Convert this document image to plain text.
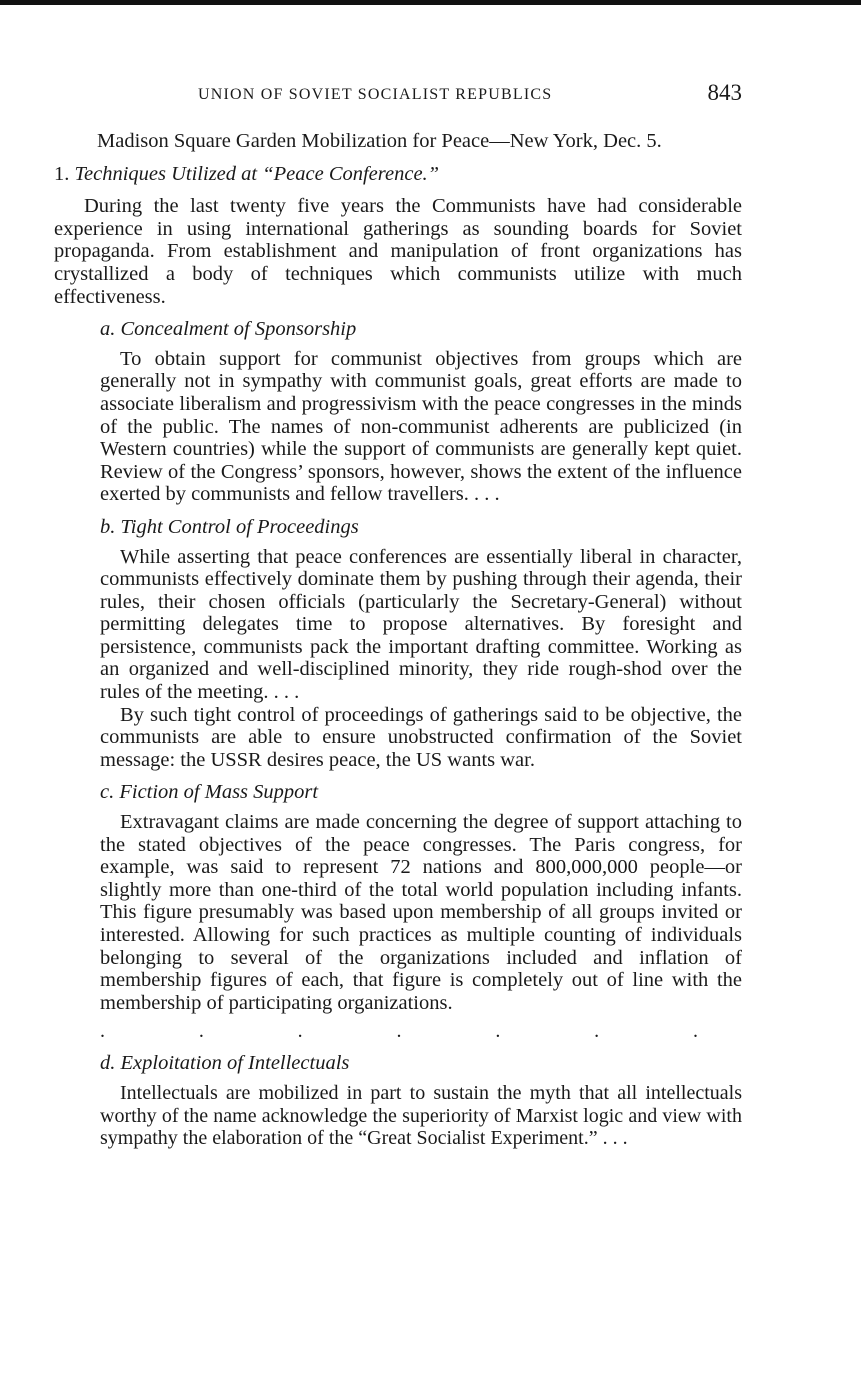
UNION OF SOVIET SOCIALIST REPUBLICS	843

Madison Square Garden Mobilization for Peace—New York, Dec. 5.

1. Techniques Utilized at “Peace Conference.”

During the last twenty five years the Communists have had considerable experience in using international gatherings as sounding boards for Soviet propaganda. From establishment and manipulation of front organizations has crystallized a body of techniques which communists utilize with much effectiveness.

a. Concealment of Sponsorship

To obtain support for communist objectives from groups which are generally not in sympathy with communist goals, great efforts are made to associate liberalism and progressivism with the peace congresses in the minds of the public. The names of non-communist adherents are publicized (in Western countries) while the support of communists are generally kept quiet. Review of the Congress’ sponsors, however, shows the extent of the influence exerted by communists and fellow travellers. . . .

b. Tight Control of Proceedings

While asserting that peace conferences are essentially liberal in character, communists effectively dominate them by pushing through their agenda, their rules, their chosen officials (particularly the Secretary-General) without permitting delegates time to propose alternatives. By foresight and persistence, communists pack the important drafting committee. Working as an organized and well-disciplined minority, they ride rough-shod over the rules of the meeting. . . .

By such tight control of proceedings of gatherings said to be objective, the communists are able to ensure unobstructed confirmation of the Soviet message: the USSR desires peace, the US wants war.

c. Fiction of Mass Support

Extravagant claims are made concerning the degree of support attaching to the stated objectives of the peace congresses. The Paris congress, for example, was said to represent 72 nations and 800,000,000 people—or slightly more than one-third of the total world population including infants. This figure presumably was based upon membership of all groups invited or interested. Allowing for such practices as multiple counting of individuals belonging to several of the organizations included and inflation of membership figures of each, that figure is completely out of line with the membership of participating organizations.

.	.	.	.	.	.	.

d. Exploitation of Intellectuals

Intellectuals are mobilized in part to sustain the myth that all intellectuals worthy of the name acknowledge the superiority of Marxist logic and view with sympathy the elaboration of the “Great Socialist Experiment.” . . .
